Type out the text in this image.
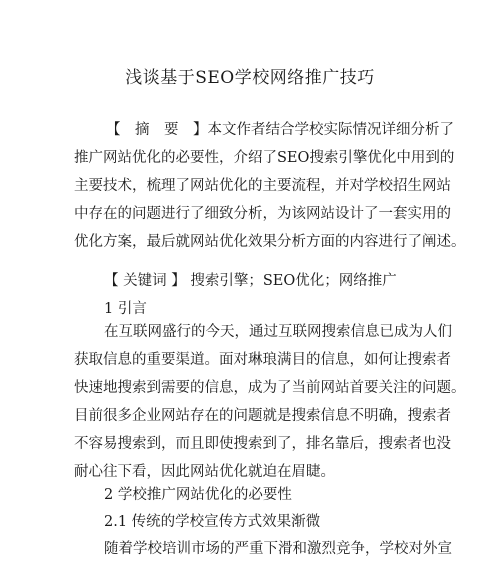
浅谈基于SEO学校网络推广技巧
【　摘　要　】本文作者结合学校实际情况详细分析了
推广网站优化的必要性，介绍了SEO搜索引擎优化中用到的
主要技术，梳理了网站优化的主要流程，并对学校招生网站
中存在的问题进行了细致分析，为该网站设计了一套实用的
优化方案，最后就网站优化效果分析方面的内容进行了阐述。
【 关键词 】 搜索引擎；SEO优化；网络推广
1 引言
在互联网盛行的今天，通过互联网搜索信息已成为人们
获取信息的重要渠道。面对琳琅满目的信息，如何让搜索者
快速地搜索到需要的信息，成为了当前网站首要关注的问题。
目前很多企业网站存在的问题就是搜索信息不明确，搜索者
不容易搜索到，而且即使搜索到了，排名靠后，搜索者也没
耐心往下看，因此网站优化就迫在眉睫。
2 学校推广网站优化的必要性
2.1 传统的学校宣传方式效果渐微
随着学校培训市场的严重下滑和激烈竞争，学校对外宣
